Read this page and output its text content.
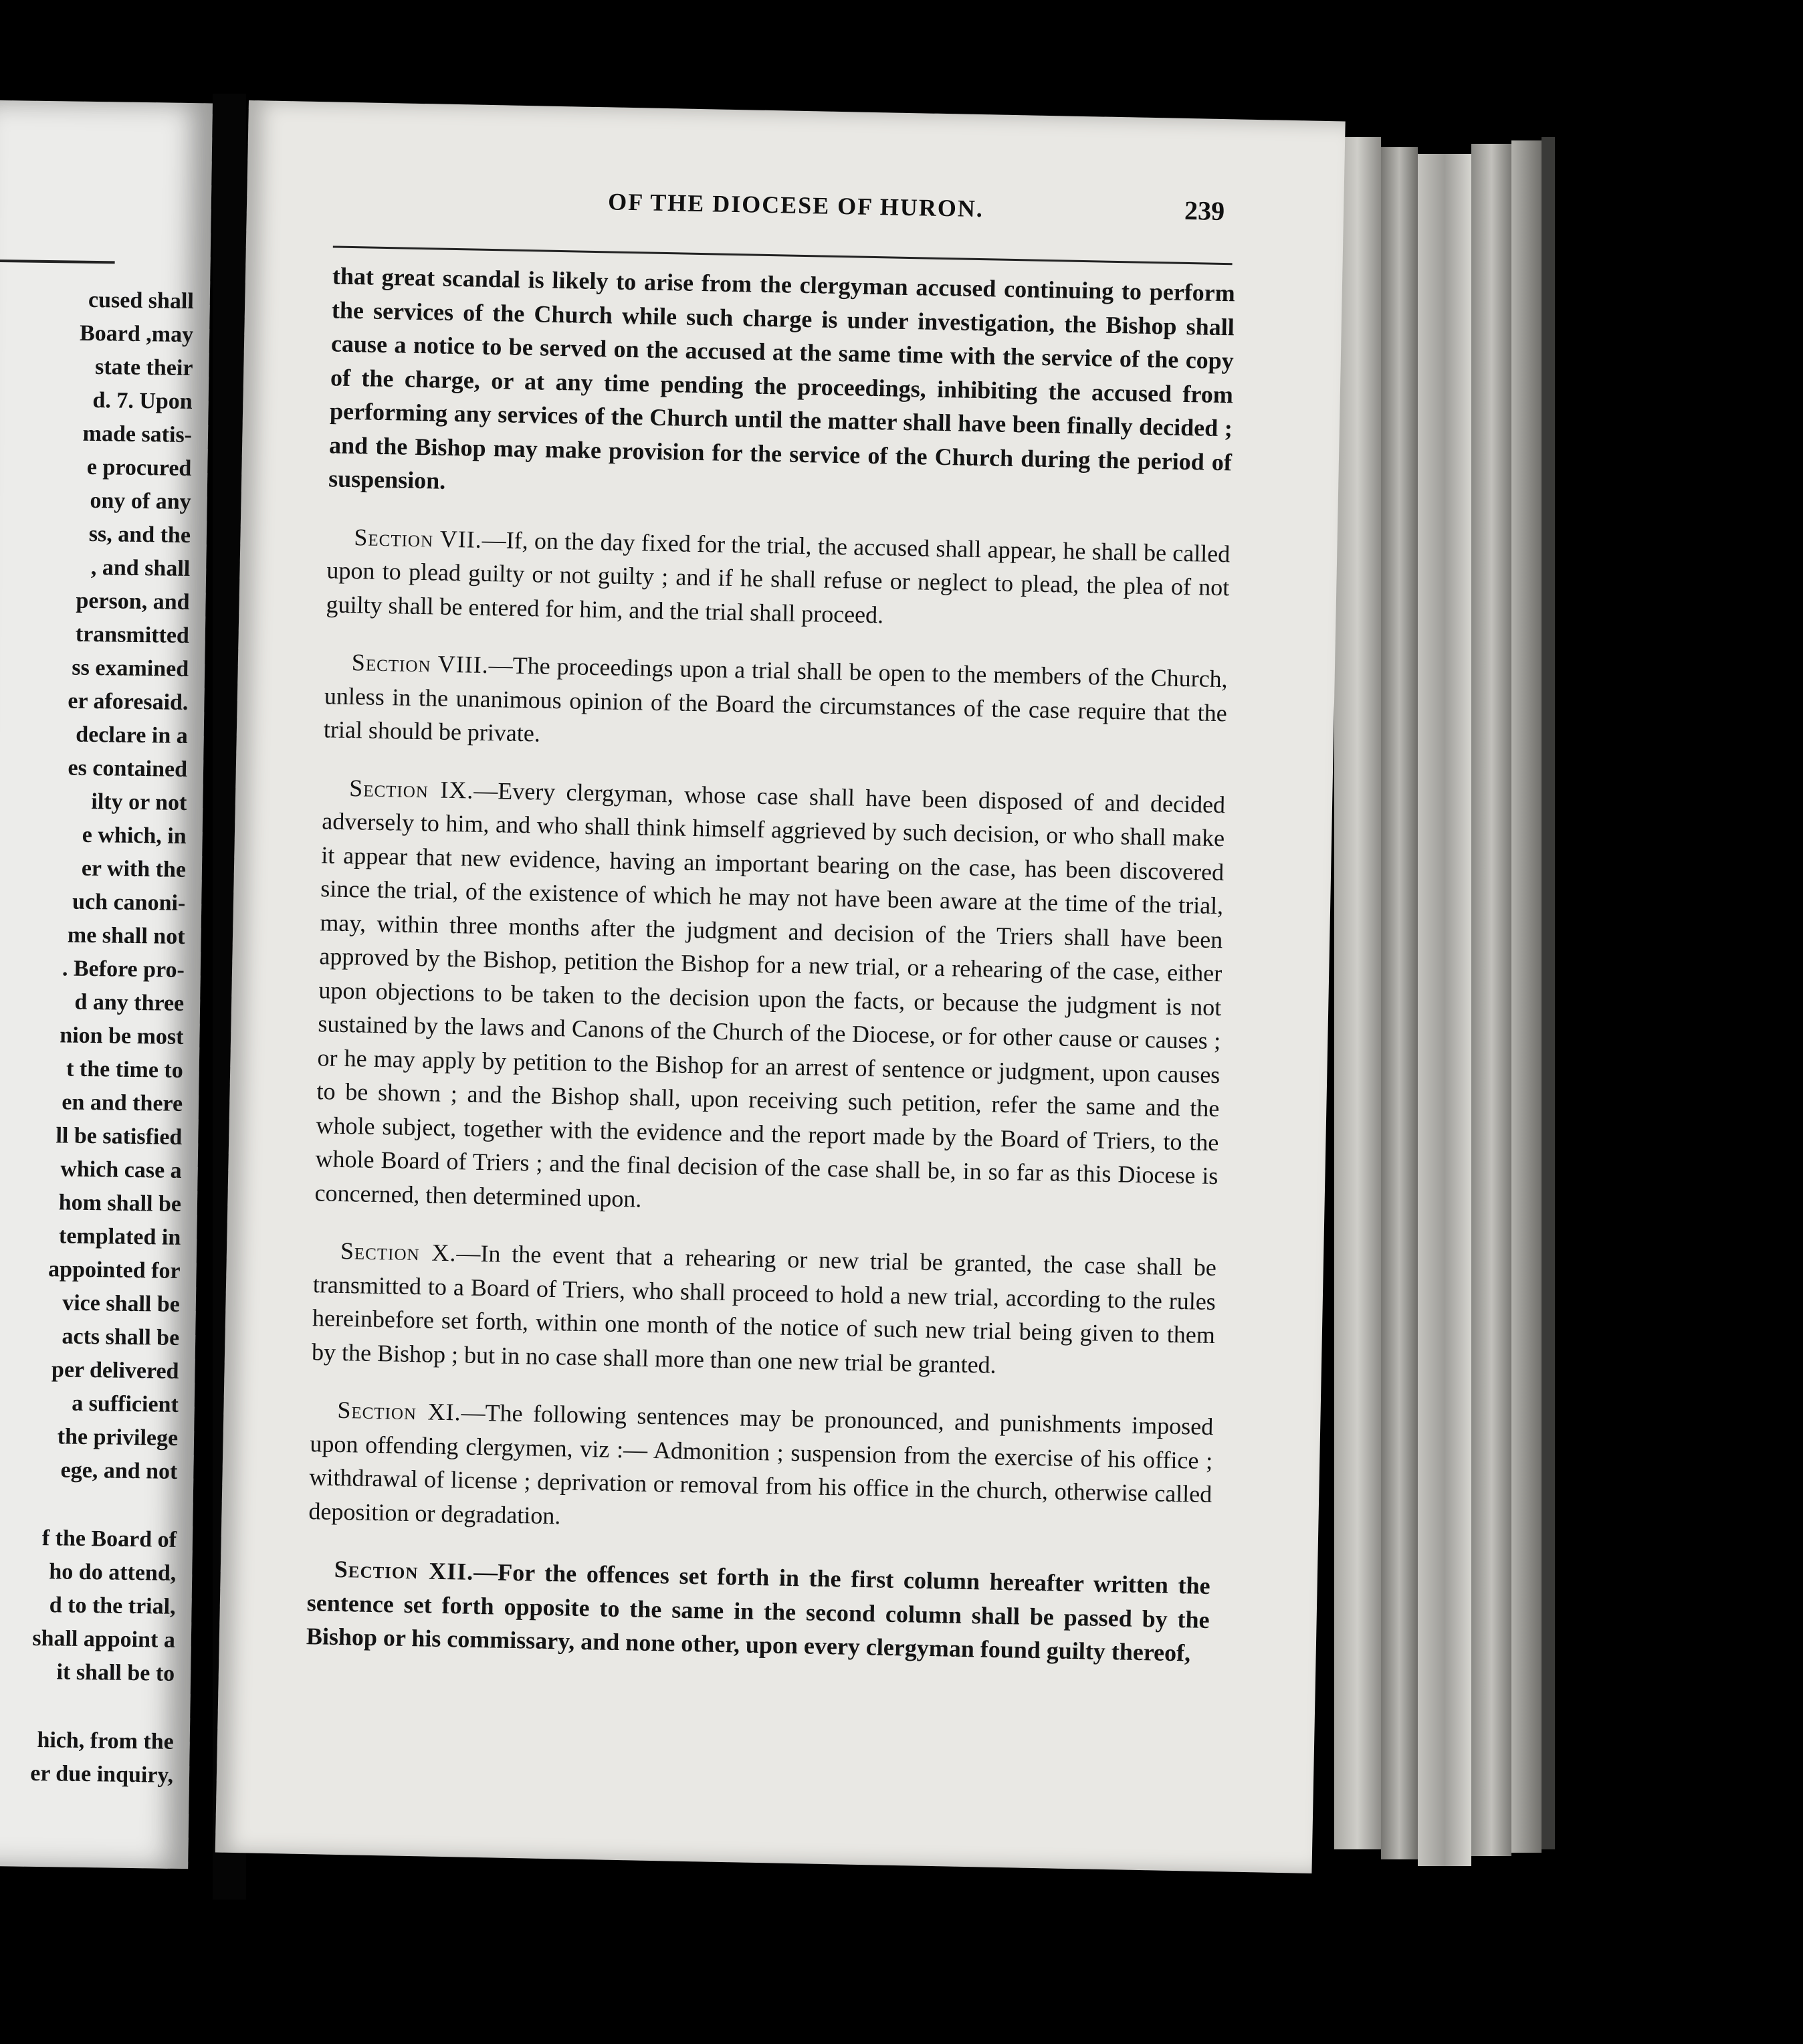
cused shall
Board ,may
state their
d. 7. Upon
made satis-
e procured
ony of any
ss, and the
, and shall
person, and
transmitted
ss examined
er aforesaid.
declare in a
es contained
ilty or not
e which, in
er with the
uch canoni-
me shall not
. Before pro-
d any three
nion be most
t the time to
en and there
ll be satisfied
which case a
hom shall be
templated in
appointed for
vice shall be
acts shall be
per delivered
a sufficient
the privilege
ege, and not
f the Board of
ho do attend,
d to the trial,
shall appoint a
it shall be to
hich, from the
er due inquiry,
OF THE DIOCESE OF HURON.	239

that great scandal is likely to arise from the clergyman accused continuing to perform the services of the Church while such charge is under investigation, the Bishop shall cause a notice to be served on the accused at the same time with the service of the copy of the charge, or at any time pending the proceedings, inhibiting the accused from performing any services of the Church until the matter shall have been finally decided ; and the Bishop may make provision for the service of the Church during the period of suspension.

Section VII.—If, on the day fixed for the trial, the accused shall appear, he shall be called upon to plead guilty or not guilty ; and if he shall refuse or neglect to plead, the plea of not guilty shall be entered for him, and the trial shall proceed.

Section VIII.—The proceedings upon a trial shall be open to the members of the Church, unless in the unanimous opinion of the Board the circumstances of the case require that the trial should be private.

Section IX.—Every clergyman, whose case shall have been disposed of and decided adversely to him, and who shall think himself aggrieved by such decision, or who shall make it appear that new evidence, having an important bearing on the case, has been discovered since the trial, of the existence of which he may not have been aware at the time of the trial, may, within three months after the judgment and decision of the Triers shall have been approved by the Bishop, petition the Bishop for a new trial, or a rehearing of the case, either upon objections to be taken to the decision upon the facts, or because the judgment is not sustained by the laws and Canons of the Church of the Diocese, or for other cause or causes ; or he may apply by petition to the Bishop for an arrest of sentence or judgment, upon causes to be shown ; and the Bishop shall, upon receiving such petition, refer the same and the whole subject, together with the evidence and the report made by the Board of Triers, to the whole Board of Triers ; and the final decision of the case shall be, in so far as this Diocese is concerned, then determined upon.

Section X.—In the event that a rehearing or new trial be granted, the case shall be transmitted to a Board of Triers, who shall proceed to hold a new trial, according to the rules hereinbefore set forth, within one month of the notice of such new trial being given to them by the Bishop ; but in no case shall more than one new trial be granted.

Section XI.—The following sentences may be pronounced, and punishments imposed upon offending clergymen, viz :— Admonition ; suspension from the exercise of his office ; withdrawal of license ; deprivation or removal from his office in the church, otherwise called deposition or degradation.

Section XII.—For the offences set forth in the first column hereafter written the sentence set forth opposite to the same in the second column shall be passed by the Bishop or his commissary, and none other, upon every clergyman found guilty thereof,
